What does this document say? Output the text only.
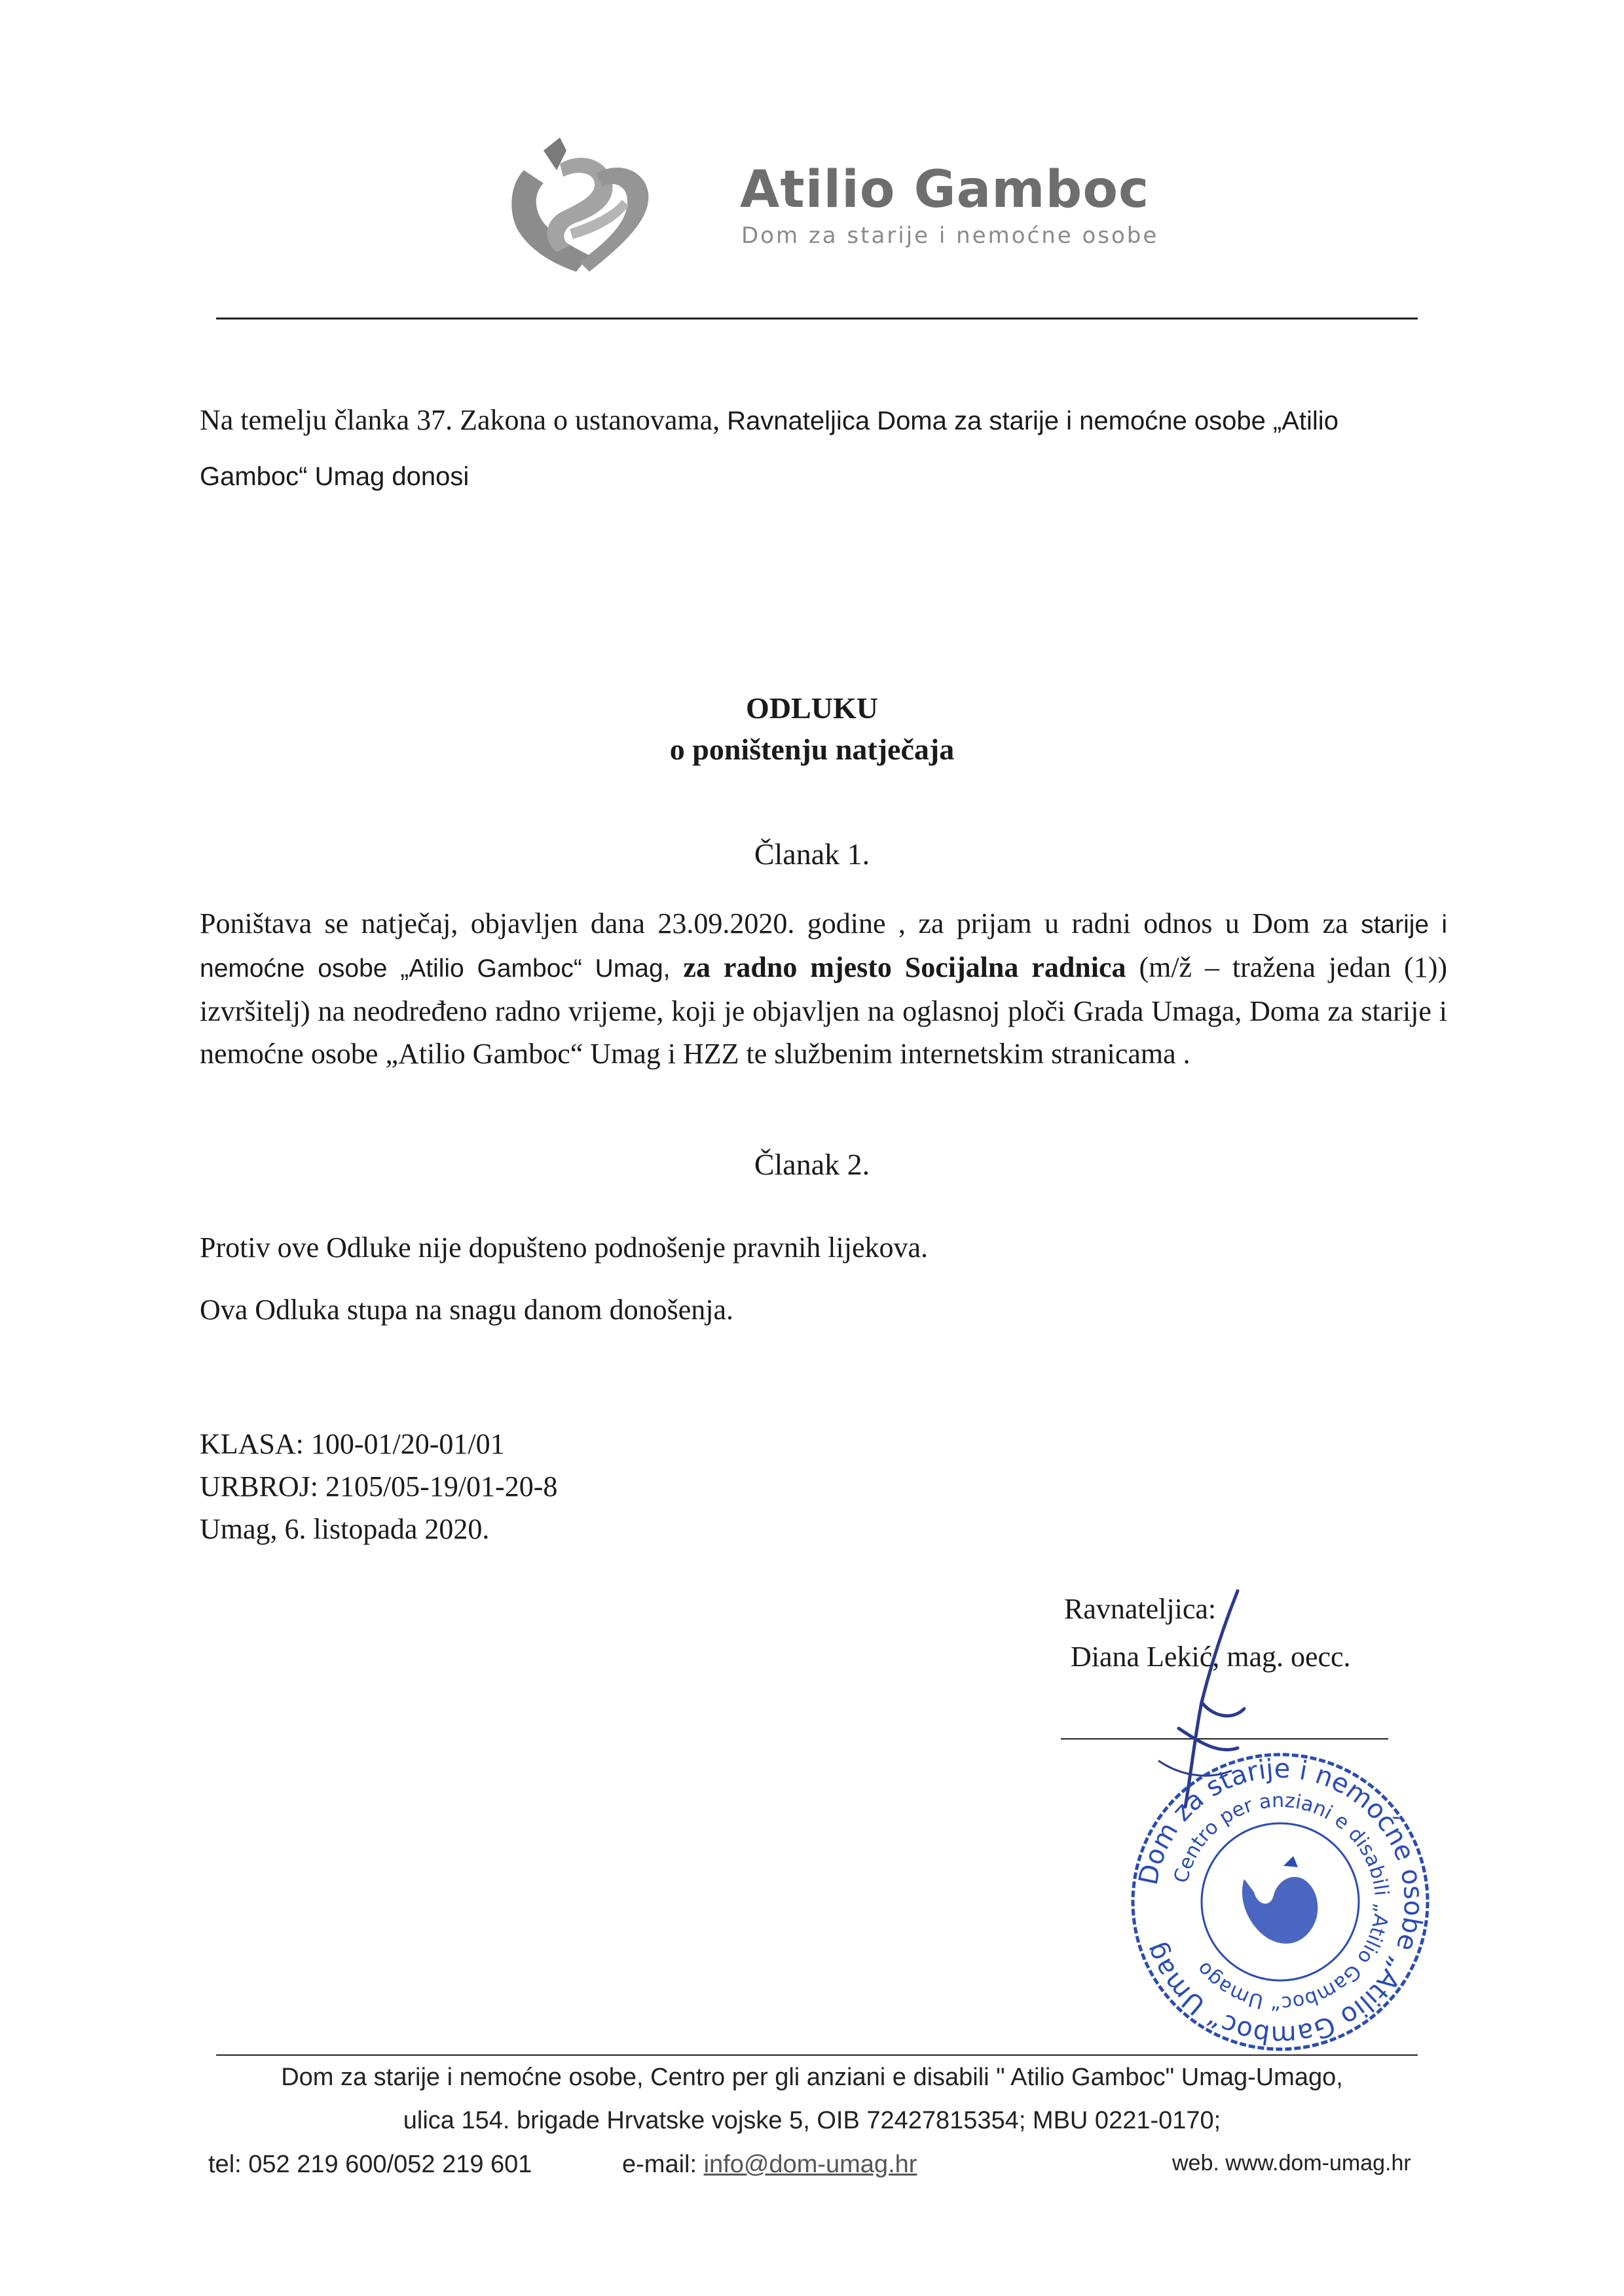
Atilio Gamboc
Dom za starije i nemoćne osobe
Na temelju članka 37. Zakona o ustanovama, Ravnateljica Doma za starije i nemoćne osobe „Atilio Gamboc“ Umag donosi
ODLUKU
o poništenju natječaja
Članak 1.
Poništava se natječaj, objavljen dana 23.09.2020. godine , za prijam u radni odnos u Dom za starije i nemoćne osobe „Atilio Gamboc“ Umag, za radno mjesto Socijalna radnica (m/ž – tražena jedan (1)) izvršitelj) na neodređeno radno vrijeme, koji je objavljen na oglasnoj ploči Grada Umaga, Doma za starije i nemoćne osobe „Atilio Gamboc“ Umag i HZZ te službenim internetskim stranicama .
Članak 2.
Protiv ove Odluke nije dopušteno podnošenje pravnih lijekova.
Ova Odluka stupa na snagu danom donošenja.
KLASA: 100-01/20-01/01
URBROJ: 2105/05-19/01-20-8
Umag, 6. listopada 2020.
Ravnateljica:
Diana Lekić, mag. oecc.
Dom za starije i nemoćne osobe „Atilio Gamboc“ Umag
Centro per anziani e disabili „Atilio Gamboc“ Umago
Dom za starije i nemoćne osobe, Centro per gli anziani e disabili " Atilio Gamboc" Umag-Umago,
ulica 154. brigade Hrvatske vojske 5, OIB 72427815354; MBU 0221-0170;
tel: 052 219 600/052 219 601	e-mail: info@dom-umag.hr	web. www.dom-umag.hr
